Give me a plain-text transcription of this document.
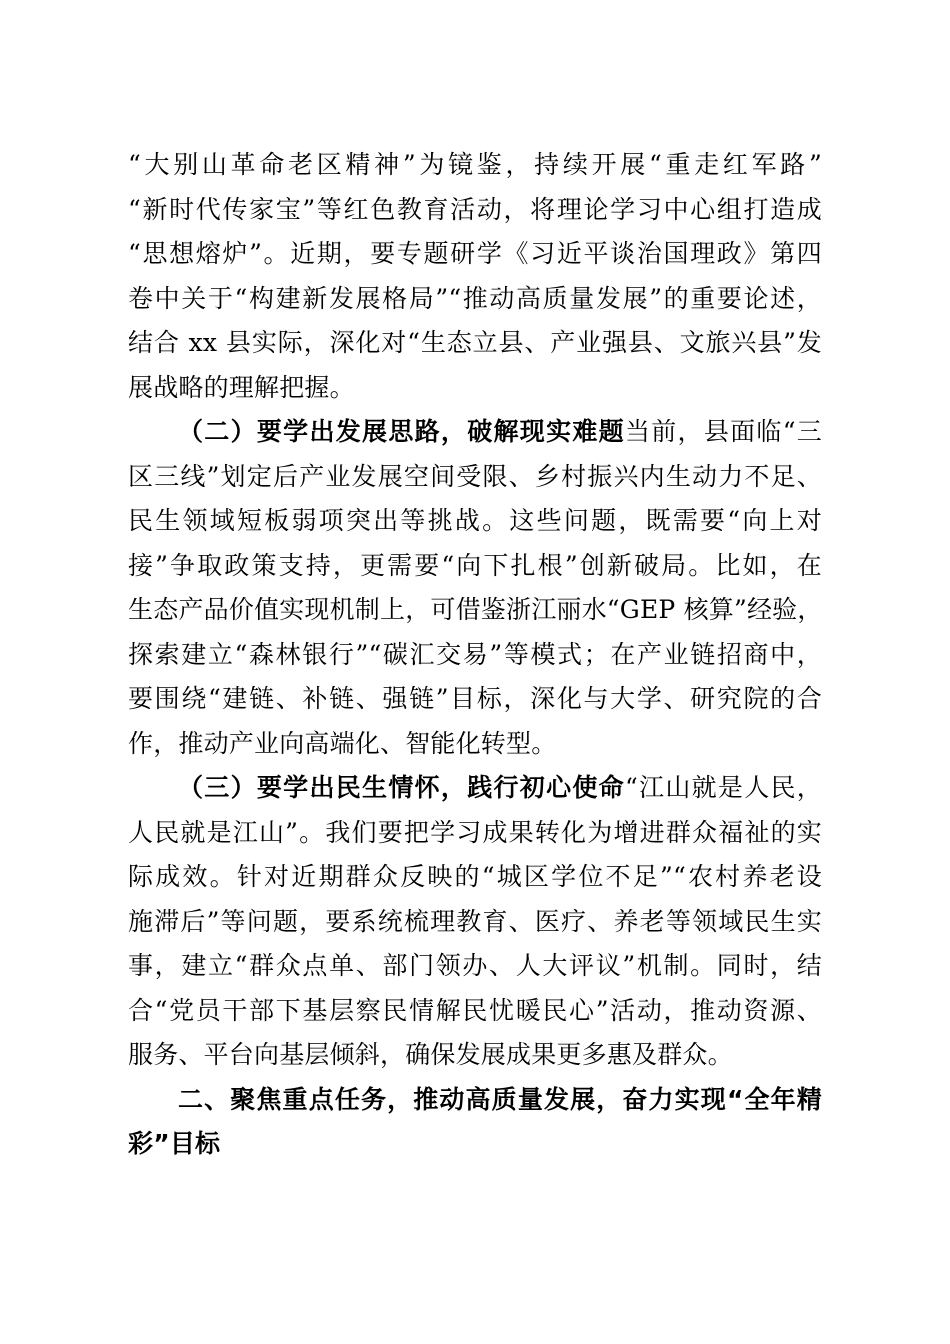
“大别山革命老区精神”为镜鉴，持续开展“重走红军路”
“新时代传家宝”等红色教育活动，将理论学习中心组打造成
“思想熔炉”。近期，要专题研学《习近平谈治国理政》第四
卷中关于“构建新发展格局”“推动高质量发展”的重要论述，
结合 xx 县实际，深化对“生态立县、产业强县、文旅兴县”发
展战略的理解把握。
（二）要学出发展思路，破解现实难题当前，县面临“三
区三线”划定后产业发展空间受限、乡村振兴内生动力不足、
民生领域短板弱项突出等挑战。这些问题，既需要“向上对
接”争取政策支持，更需要“向下扎根”创新破局。比如，在
生态产品价值实现机制上，可借鉴浙江丽水“GEP 核算”经验，
探索建立“森林银行”“碳汇交易”等模式；在产业链招商中，
要围绕“建链、补链、强链”目标，深化与大学、研究院的合
作，推动产业向高端化、智能化转型。
（三）要学出民生情怀，践行初心使命“江山就是人民，
人民就是江山”。我们要把学习成果转化为增进群众福祉的实
际成效。针对近期群众反映的“城区学位不足”“农村养老设
施滞后”等问题，要系统梳理教育、医疗、养老等领域民生实
事，建立“群众点单、部门领办、人大评议”机制。同时，结
合“党员干部下基层察民情解民忧暖民心”活动，推动资源、
服务、平台向基层倾斜，确保发展成果更多惠及群众。
二、聚焦重点任务，推动高质量发展，奋力实现“全年精
彩”目标
